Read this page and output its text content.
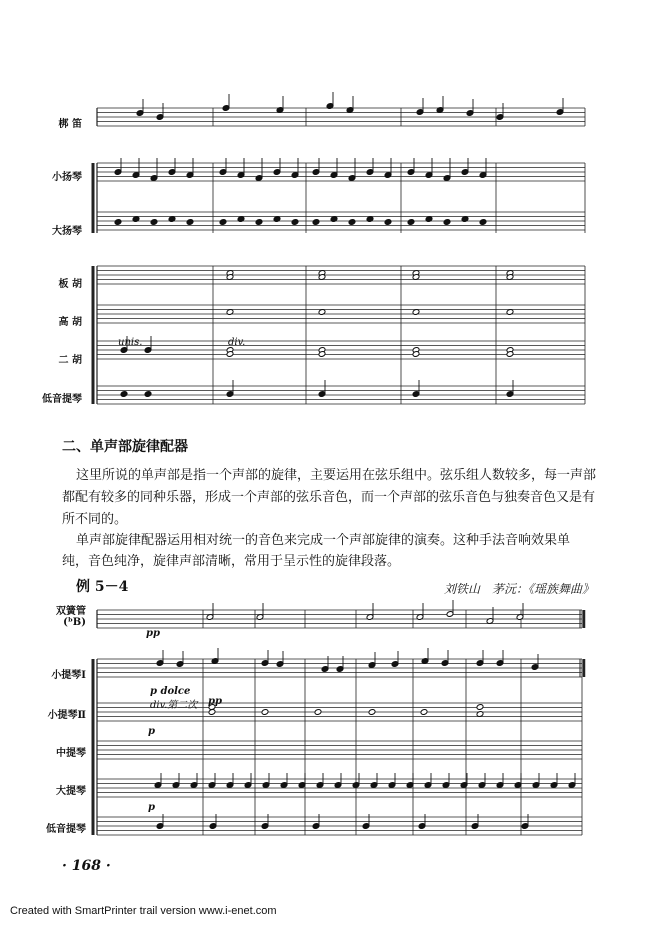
梆 笛
小扬琴
大扬琴
板 胡
高 胡
二 胡
低音提琴
unis.	div.
二、单声部旋律配器
这里所说的单声部是指一个声部的旋律，主要运用在弦乐组中。弦乐组人数较多，每一声部
都配有较多的同种乐器，形成一个声部的弦乐音色，而一个声部的弦乐音色与独奏音色又是有
所不同的。
单声部旋律配器运用相对统一的音色来完成一个声部旋律的演奏。这种手法音响效果单
纯，音色纯净，旋律声部清晰，常用于呈示性的旋律段落。
例 5－4	刘铁山　茅沅：《瑶族舞曲》
双簧管 (ᵇB)
小提琴Ⅰ
小提琴Ⅱ
中提琴
大提琴
低音提琴
pp
p dolce
div.第二次 pp
p
p
· 168 ·
Created with SmartPrinter trail version www.i-enet.com
